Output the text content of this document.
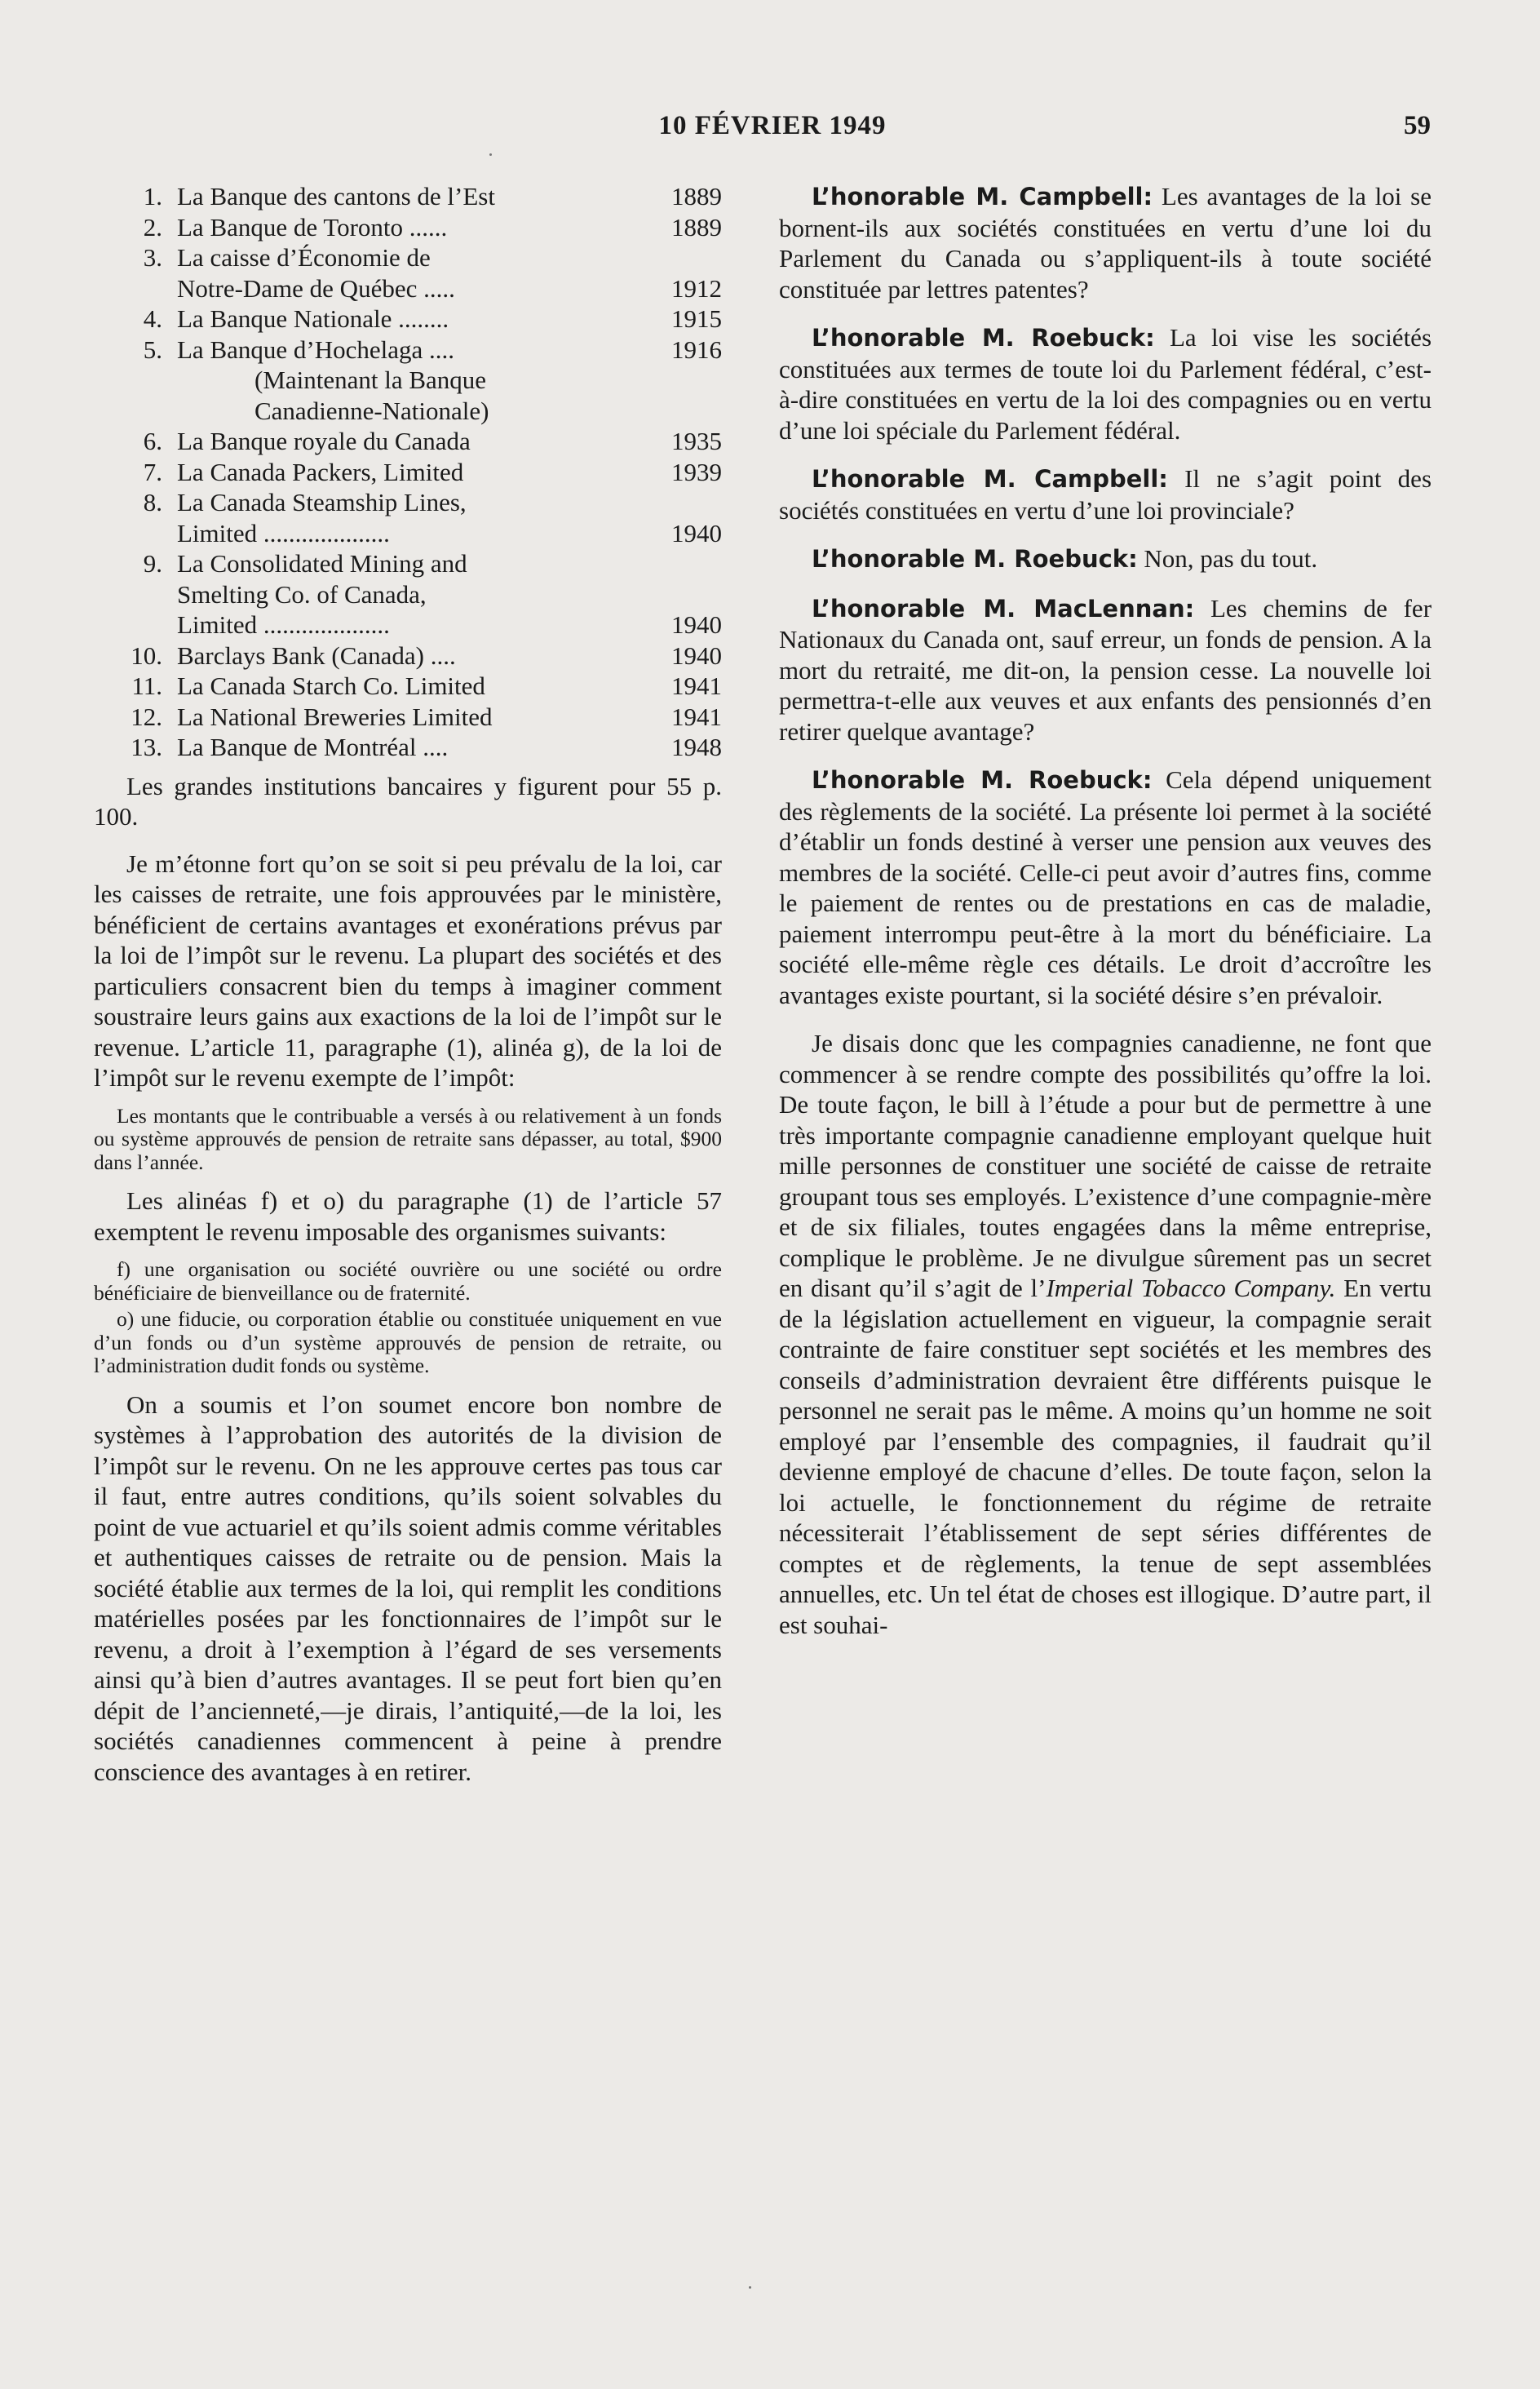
10 FÉVRIER 1949	59
1. La Banque des cantons de l’Est	1889
2. La Banque de Toronto ......	1889
3. La caisse d’Économie de
Notre-Dame de Québec .....	1912
4. La Banque Nationale ........	1915
5. La Banque d’Hochelaga ....	1916
(Maintenant la Banque
Canadienne-Nationale)
6. La Banque royale du Canada	1935
7. La Canada Packers, Limited	1939
8. La Canada Steamship Lines,
Limited ....................	1940
9. La Consolidated Mining and
Smelting Co. of Canada,
Limited ....................	1940
10. Barclays Bank (Canada) ....	1940
11. La Canada Starch Co. Limited	1941
12. La National Breweries Limited	1941
13. La Banque de Montréal ....	1948

Les grandes institutions bancaires y figurent pour 55 p. 100.

Je m’étonne fort qu’on se soit si peu prévalu de la loi, car les caisses de retraite, une fois approuvées par le ministère, bénéficient de certains avantages et exonérations prévus par la loi de l’impôt sur le revenu. La plupart des sociétés et des particuliers consacrent bien du temps à imaginer comment soustraire leurs gains aux exactions de la loi de l’impôt sur le revenue. L’article 11, paragraphe (1), alinéa g), de la loi de l’impôt sur le revenu exempte de l’impôt:

Les montants que le contribuable a versés à ou relativement à un fonds ou système approuvés de pension de retraite sans dépasser, au total, $900 dans l’année.

Les alinéas f) et o) du paragraphe (1) de l’article 57 exemptent le revenu imposable des organismes suivants:

f) une organisation ou société ouvrière ou une société ou ordre bénéficiaire de bienveillance ou de fraternité.

o) une fiducie, ou corporation établie ou constituée uniquement en vue d’un fonds ou d’un système approuvés de pension de retraite, ou l’administration dudit fonds ou système.

On a soumis et l’on soumet encore bon nombre de systèmes à l’approbation des autorités de la division de l’impôt sur le revenu. On ne les approuve certes pas tous car il faut, entre autres conditions, qu’ils soient solvables du point de vue actuariel et qu’ils soient admis comme véritables et authentiques caisses de retraite ou de pension. Mais la société établie aux termes de la loi, qui remplit les conditions matérielles posées par les fonctionnaires de l’impôt sur le revenu, a droit à l’exemption à l’égard de ses versements ainsi qu’à bien d’autres avantages. Il se peut fort bien qu’en dépit de l’ancienneté,—je dirais, l’antiquité,—de la loi, les sociétés canadiennes commencent à peine à prendre conscience des avantages à en retirer.

L’honorable M. Campbell: Les avantages de la loi se bornent-ils aux sociétés constituées en vertu d’une loi du Parlement du Canada ou s’appliquent-ils à toute société constituée par lettres patentes?

L’honorable M. Roebuck: La loi vise les sociétés constituées aux termes de toute loi du Parlement fédéral, c’est-à-dire constituées en vertu de la loi des compagnies ou en vertu d’une loi spéciale du Parlement fédéral.

L’honorable M. Campbell: Il ne s’agit point des sociétés constituées en vertu d’une loi provinciale?

L’honorable M. Roebuck: Non, pas du tout.

L’honorable M. MacLennan: Les chemins de fer Nationaux du Canada ont, sauf erreur, un fonds de pension. A la mort du retraité, me dit-on, la pension cesse. La nouvelle loi permettra-t-elle aux veuves et aux enfants des pensionnés d’en retirer quelque avantage?

L’honorable M. Roebuck: Cela dépend uniquement des règlements de la société. La présente loi permet à la société d’établir un fonds destiné à verser une pension aux veuves des membres de la société. Celle-ci peut avoir d’autres fins, comme le paiement de rentes ou de prestations en cas de maladie, paiement interrompu peut-être à la mort du bénéficiaire. La société elle-même règle ces détails. Le droit d’accroître les avantages existe pourtant, si la société désire s’en prévaloir.

Je disais donc que les compagnies canadienne, ne font que commencer à se rendre compte des possibilités qu’offre la loi. De toute façon, le bill à l’étude a pour but de permettre à une très importante compagnie canadienne employant quelque huit mille personnes de constituer une société de caisse de retraite groupant tous ses employés. L’existence d’une compagnie-mère et de six filiales, toutes engagées dans la même entreprise, complique le problème. Je ne divulgue sûrement pas un secret en disant qu’il s’agit de l’Imperial Tobacco Company. En vertu de la législation actuellement en vigueur, la compagnie serait contrainte de faire constituer sept sociétés et les membres des conseils d’administration devraient être différents puisque le personnel ne serait pas le même. A moins qu’un homme ne soit employé par l’ensemble des compagnies, il faudrait qu’il devienne employé de chacune d’elles. De toute façon, selon la loi actuelle, le fonctionnement du régime de retraite nécessiterait l’établissement de sept séries différentes de comptes et de règlements, la tenue de sept assemblées annuelles, etc. Un tel état de choses est illogique. D’autre part, il est souhai-
